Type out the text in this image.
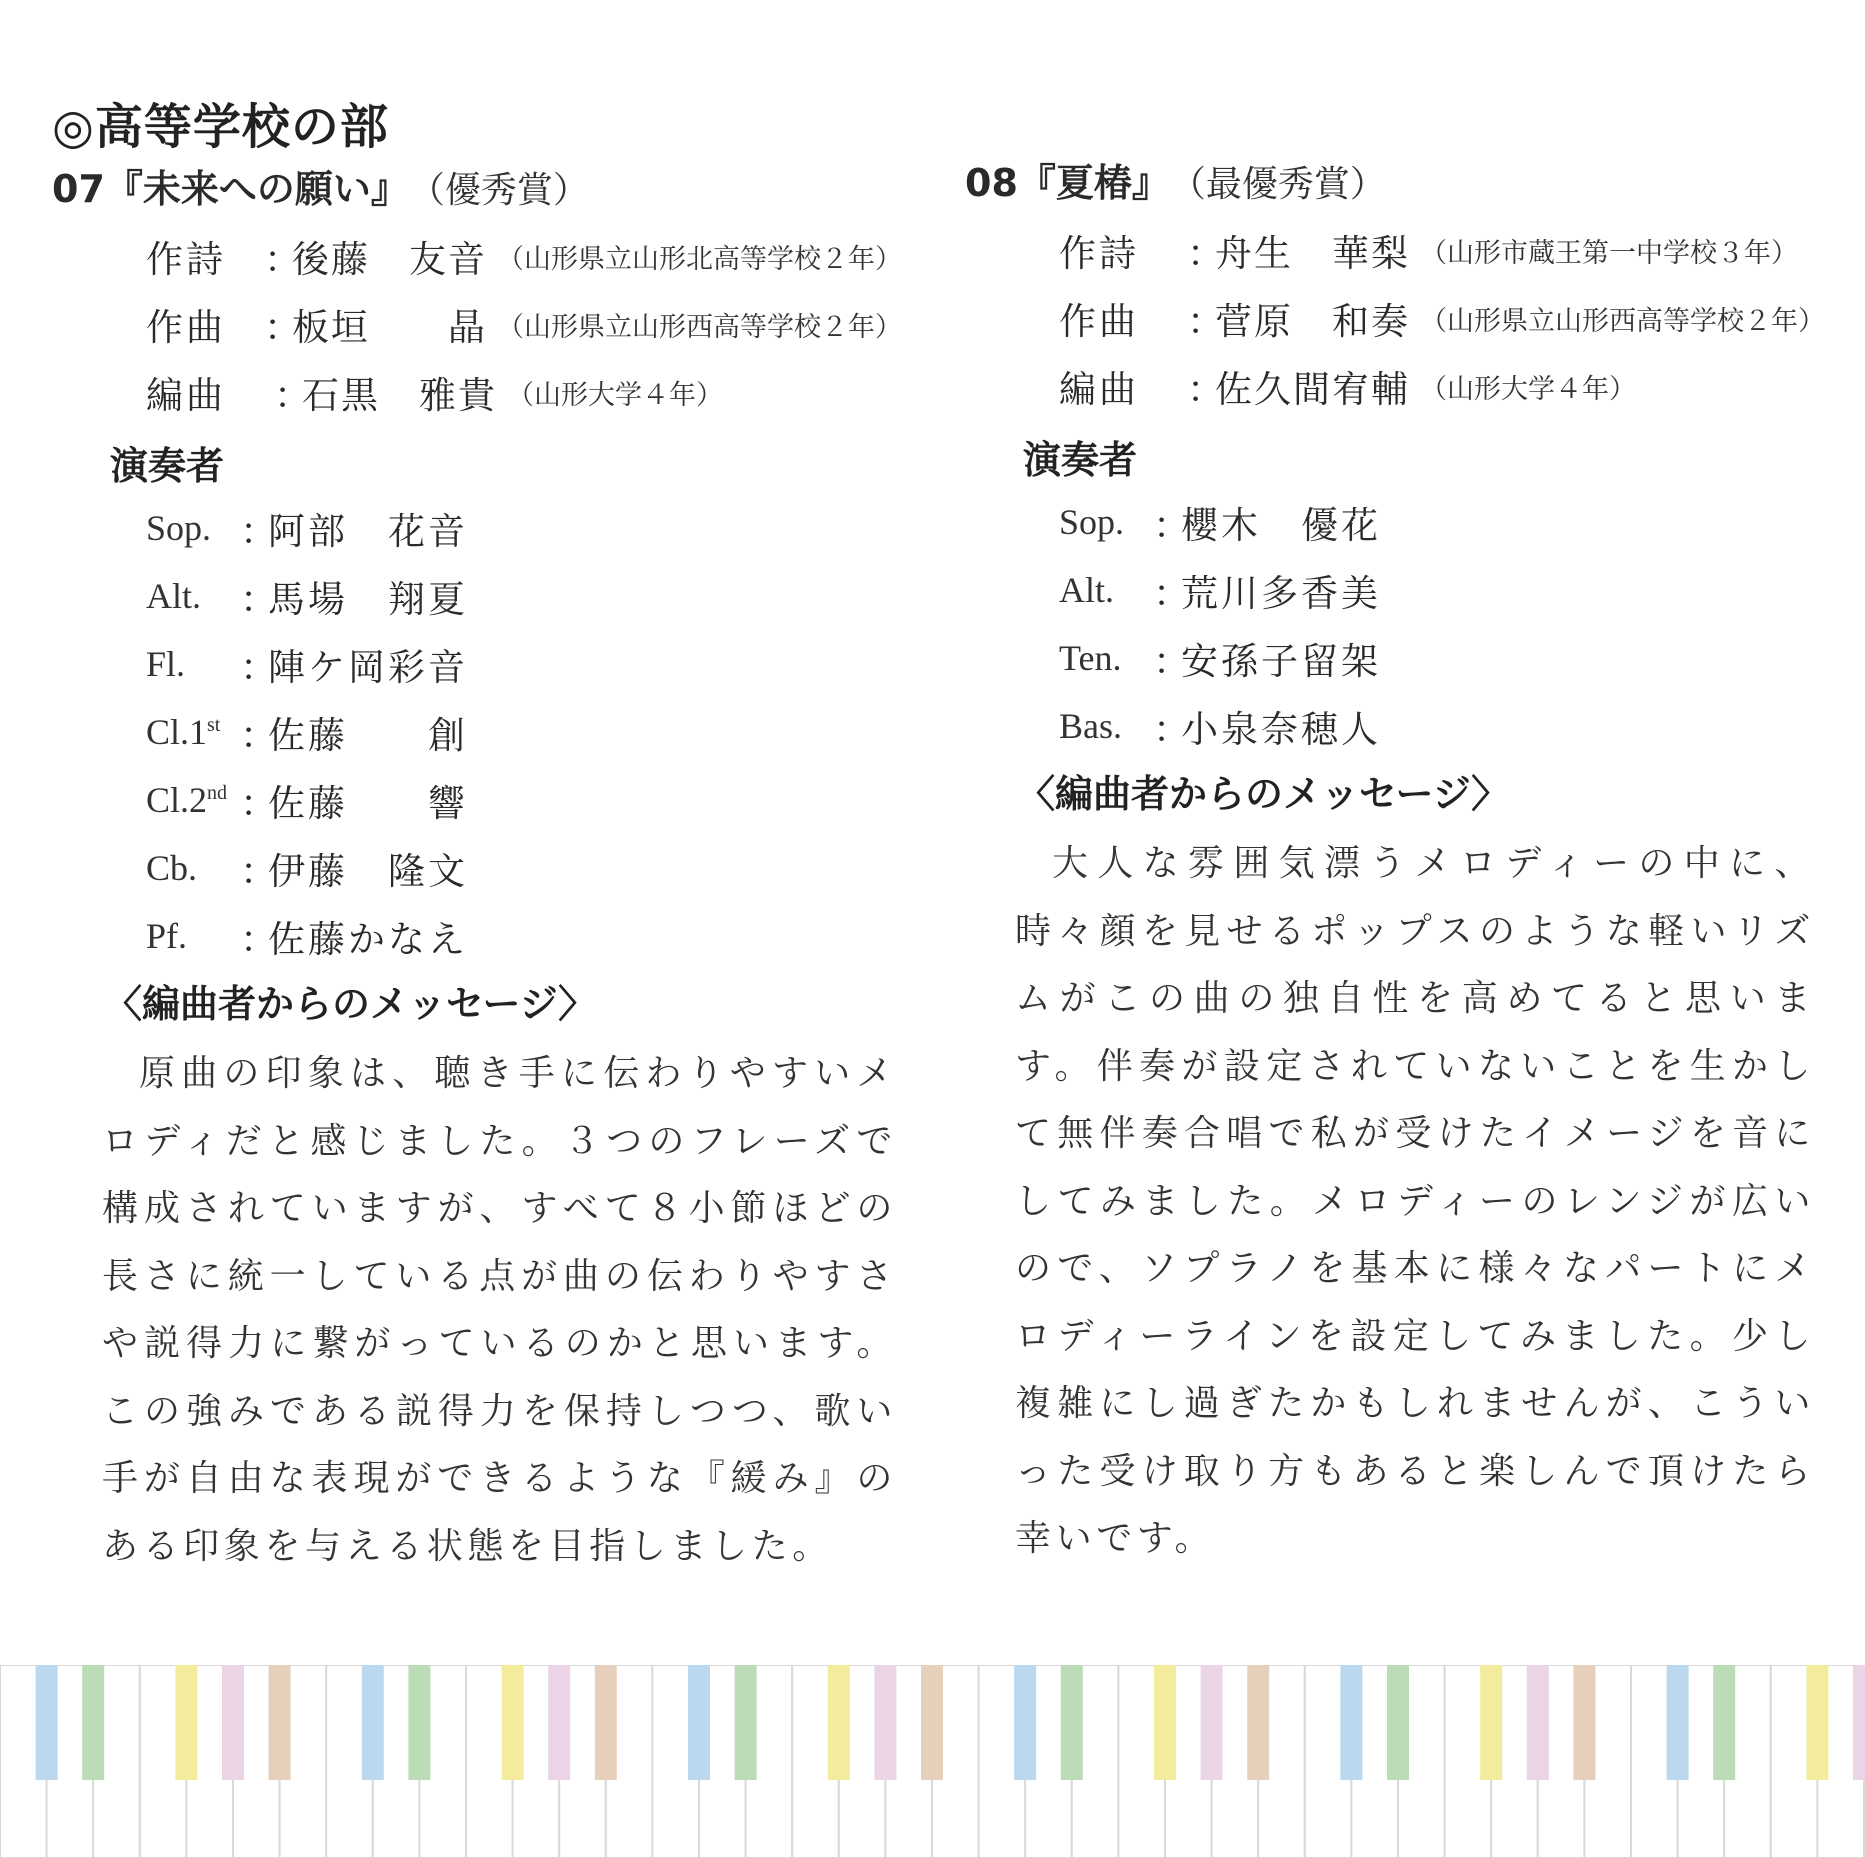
◎高等学校の部
07 『未来への願い』 （優秀賞）
作詩	：
後藤　友音 （山形県立山形北高等学校２年）
作曲	：
板垣　　晶 （山形県立山形西高等学校２年）
編曲	：
石黒　雅貴 （山形大学４年）
演奏者
Sop. ：
阿部　花音
Alt.	：
馬場　翔夏
Fl.	：
陣ケ岡彩音
Cl.1st ：
佐藤　　創
Cl.2nd ：
佐藤　　響
Cb.	：
伊藤　隆文
Pf.	：
佐藤かなえ
〈編曲者からのメッセージ〉
原曲の印象は、聴き手に伝わりやすいメロディだと感じました。３つのフレーズで構成されていますが、すべて８小節ほどの長さに統一している点が曲の伝わりやすさや説得力に繋がっているのかと思います。この強みである説得力を保持しつつ、歌い手が自由な表現ができるような『緩み』のある印象を与える状態を目指しました。
08 『夏椿』 （最優秀賞）
作詩	：
舟生　華梨 （山形市蔵王第一中学校３年）
作曲	：
菅原　和奏 （山形県立山形西高等学校２年）
編曲	：
佐久間宥輔 （山形大学４年）
演奏者
Sop. ：
櫻木　優花
Alt.	：
荒川多香美
Ten. ：
安孫子留架
Bas. ：
小泉奈穂人
〈編曲者からのメッセージ〉
大人な雰囲気漂うメロディーの中に、時々顔を見せるポップスのような軽いリズムがこの曲の独自性を高めてると思います。伴奏が設定されていないことを生かして無伴奏合唱で私が受けたイメージを音にしてみました。メロディーのレンジが広いので、ソプラノを基本に様々なパートにメロディーラインを設定してみました。少し複雑にし過ぎたかもしれませんが、こういった受け取り方もあると楽しんで頂けたら幸いです。
